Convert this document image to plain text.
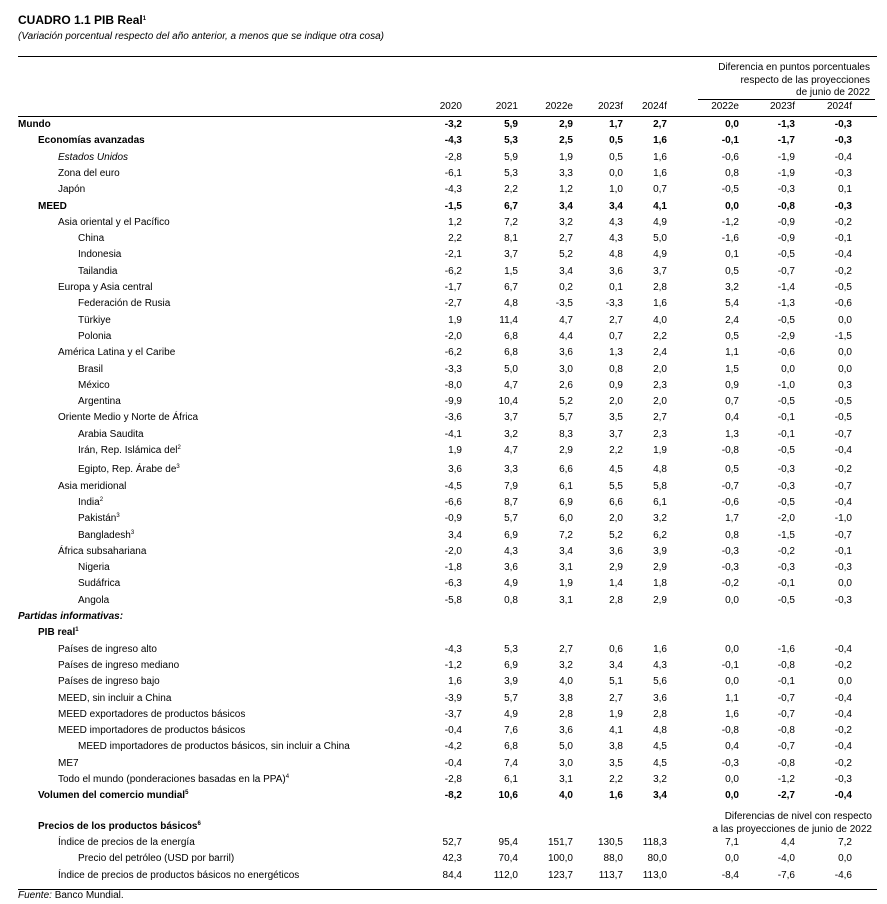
CUADRO 1.1 PIB Real$^1$
(Variación porcentual respecto del año anterior, a menos que se indique otra cosa)
Diferencia en puntos porcentuales
respecto de las proyecciones
de junio de 2022
2020	2021	2022e	2023f	2024f	2022e	2023f	2024f
Mundo	-3,2	5,9	2,9	1,7	2,7	0,0	-1,3	-0,3
Economías avanzadas	-4,3	5,3	2,5	0,5	1,6	-0,1	-1,7	-0,3
Estados Unidos	-2,8	5,9	1,9	0,5	1,6	-0,6	-1,9	-0,4
Zona del euro	-6,1	5,3	3,3	0,0	1,6	0,8	-1,9	-0,3
Japón	-4,3	2,2	1,2	1,0	0,7	-0,5	-0,3	0,1
MEED	-1,5	6,7	3,4	3,4	4,1	0,0	-0,8	-0,3
Asia oriental y el Pacífico	1,2	7,2	3,2	4,3	4,9	-1,2	-0,9	-0,2
China	2,2	8,1	2,7	4,3	5,0	-1,6	-0,9	-0,1
Indonesia	-2,1	3,7	5,2	4,8	4,9	0,1	-0,5	-0,4
Tailandia	-6,2	1,5	3,4	3,6	3,7	0,5	-0,7	-0,2
Europa y Asia central	-1,7	6,7	0,2	0,1	2,8	3,2	-1,4	-0,5
Federación de Rusia	-2,7	4,8	-3,5	-3,3	1,6	5,4	-1,3	-0,6
Türkiye	1,9	11,4	4,7	2,7	4,0	2,4	-0,5	0,0
Polonia	-2,0	6,8	4,4	0,7	2,2	0,5	-2,9	-1,5
América Latina y el Caribe	-6,2	6,8	3,6	1,3	2,4	1,1	-0,6	0,0
Brasil	-3,3	5,0	3,0	0,8	2,0	1,5	0,0	0,0
México	-8,0	4,7	2,6	0,9	2,3	0,9	-1,0	0,3
Argentina	-9,9	10,4	5,2	2,0	2,0	0,7	-0,5	-0,5
Oriente Medio y Norte de África	-3,6	3,7	5,7	3,5	2,7	0,4	-0,1	-0,5
Arabia Saudita	-4,1	3,2	8,3	3,7	2,3	1,3	-0,1	-0,7
Irán, Rep. Islámica del$^2$	1,9	4,7	2,9	2,2	1,9	-0,8	-0,5	-0,4
Egipto, Rep. Árabe $de^3$	3,6	3,3	6,6	4,5	4,8	0,5	-0,3	-0,2
Asia meridional	-4,5	7,9	6,1	5,5	5,8	-0,7	-0,3	-0,7
India$^2$	-6,6	8,7	6,9	6,6	6,1	-0,6	-0,5	-0,4
Pakistán$^3$	-0,9	5,7	6,0	2,0	3,2	1,7	-2,0	-1,0
Bangladesh$^3$	3,4	6,9	7,2	5,2	6,2	0,8	-1,5	-0,7
África subsahariana	-2,0	4,3	3,4	3,6	3,9	-0,3	-0,2	-0,1
Nigeria	-1,8	3,6	3,1	2,9	2,9	-0,3	-0,3	-0,3
Sudáfrica	-6,3	4,9	1,9	1,4	1,8	-0,2	-0,1	0,0
Angola	-5,8	0,8	3,1	2,8	2,9	0,0	-0,5	-0,3
Partidas informativas:
PIB real$^1$
Países de ingreso alto	-4,3	5,3	2,7	0,6	1,6	0,0	-1,6	-0,4
Países de ingreso mediano	-1,2	6,9	3,2	3,4	4,3	-0,1	-0,8	-0,2
Países de ingreso bajo	1,6	3,9	4,0	5,1	5,6	0,0	-0,1	0,0
MEED, sin incluir a China	-3,9	5,7	3,8	2,7	3,6	1,1	-0,7	-0,4
MEED exportadores de productos básicos	-3,7	4,9	2,8	1,9	2,8	1,6	-0,7	-0,4
MEED importadores de productos básicos	-0,4	7,6	3,6	4,1	4,8	-0,8	-0,8	-0,2
MEED importadores de productos básicos, sin incluir a China	-4,2	6,8	5,0	3,8	4,5	0,4	-0,7	-0,4
ME7	-0,4	7,4	3,0	3,5	4,5	-0,3	-0,8	-0,2
Todo el mundo (ponderaciones basadas en la PPA)$^4$	-2,8	6,1	3,1	2,2	3,2	0,0	-1,2	-0,3
Volumen del comercio mundial$^5$	-8,2	10,6	4,0	1,6	3,4	0,0	-2,7	-0,4
Precios de los productos básicos$^6$
Índice de precios de la energía	52,7	95,4	151,7	130,5	118,3	7,1	4,4	7,2
Precio del petróleo (USD por barril)	42,3	70,4	100,0	88,0	80,0	0,0	-4,0	0,0
Índice de precios de productos básicos no energéticos	84,4	112,0	123,7	113,7	113,0	-8,4	-7,6	-4,6
Diferencias de nivel con respecto
a las proyecciones de junio de 2022
Fuente: Banco Mundial.
